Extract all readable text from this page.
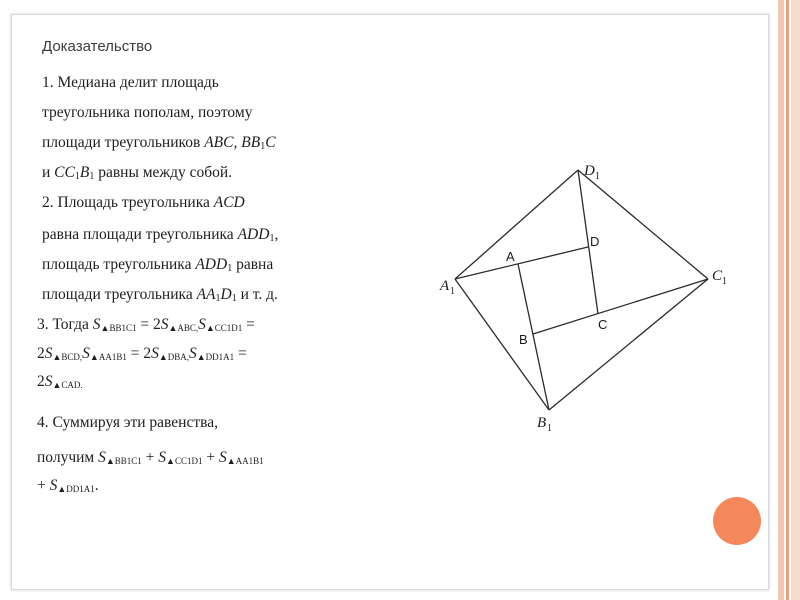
Доказательство
1. Медиана делит площадь
треугольника пополам, поэтому
площади треугольников ABC, $BB_1C$
и $CC_1B_1$ равны между собой.
2. Площадь треугольника ACD
равна площади треугольника $ADD_1$,
площадь треугольника $ADD_1$ равна
площади треугольника $AA_1D_1$ и т. д.
3. Тогда S▲BB1C1 = 2S▲ABC,S▲CC1D1 =
2S▲BCD,S▲AA1B1 = 2S▲DBA,S▲DD1A1 =
2S▲CAD.
4. Суммируя эти равенства,
получим S▲BB1C1 + S▲CC1D1 + S▲AA1B1
+ S▲DD1A1.
A
B
C
D
A 1
D 1
C 1
B 1
